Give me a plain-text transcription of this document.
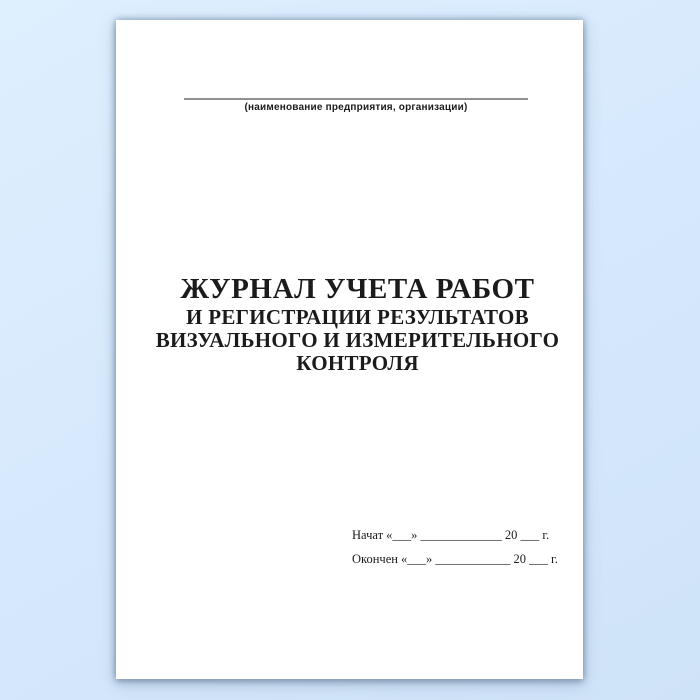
(наименование предприятия, организации)
ЖУРНАЛ УЧЕТА РАБОТ
И РЕГИСТРАЦИИ РЕЗУЛЬТАТОВ
ВИЗУАЛЬНОГО И ИЗМЕРИТЕЛЬНОГО
КОНТРОЛЯ
Начат «___» _____________ 20 ___ г.
Окончен «___» ____________ 20 ___ г.
